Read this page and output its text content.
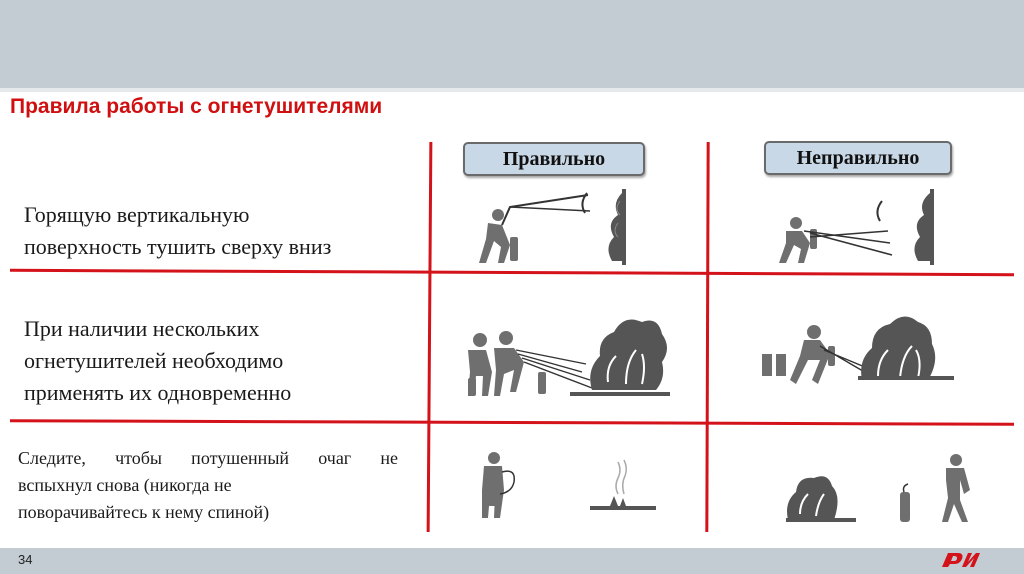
Правила работы с огнетушителями
Правильно	Неправильно
Горящую вертикальную
поверхность тушить сверху вниз
При наличии нескольких
огнетушителей необходимо
применять их одновременно
Следите, чтобы потушенный очаг не
вспыхнул снова (никогда не
поворачивайтесь к нему спиной)
34
